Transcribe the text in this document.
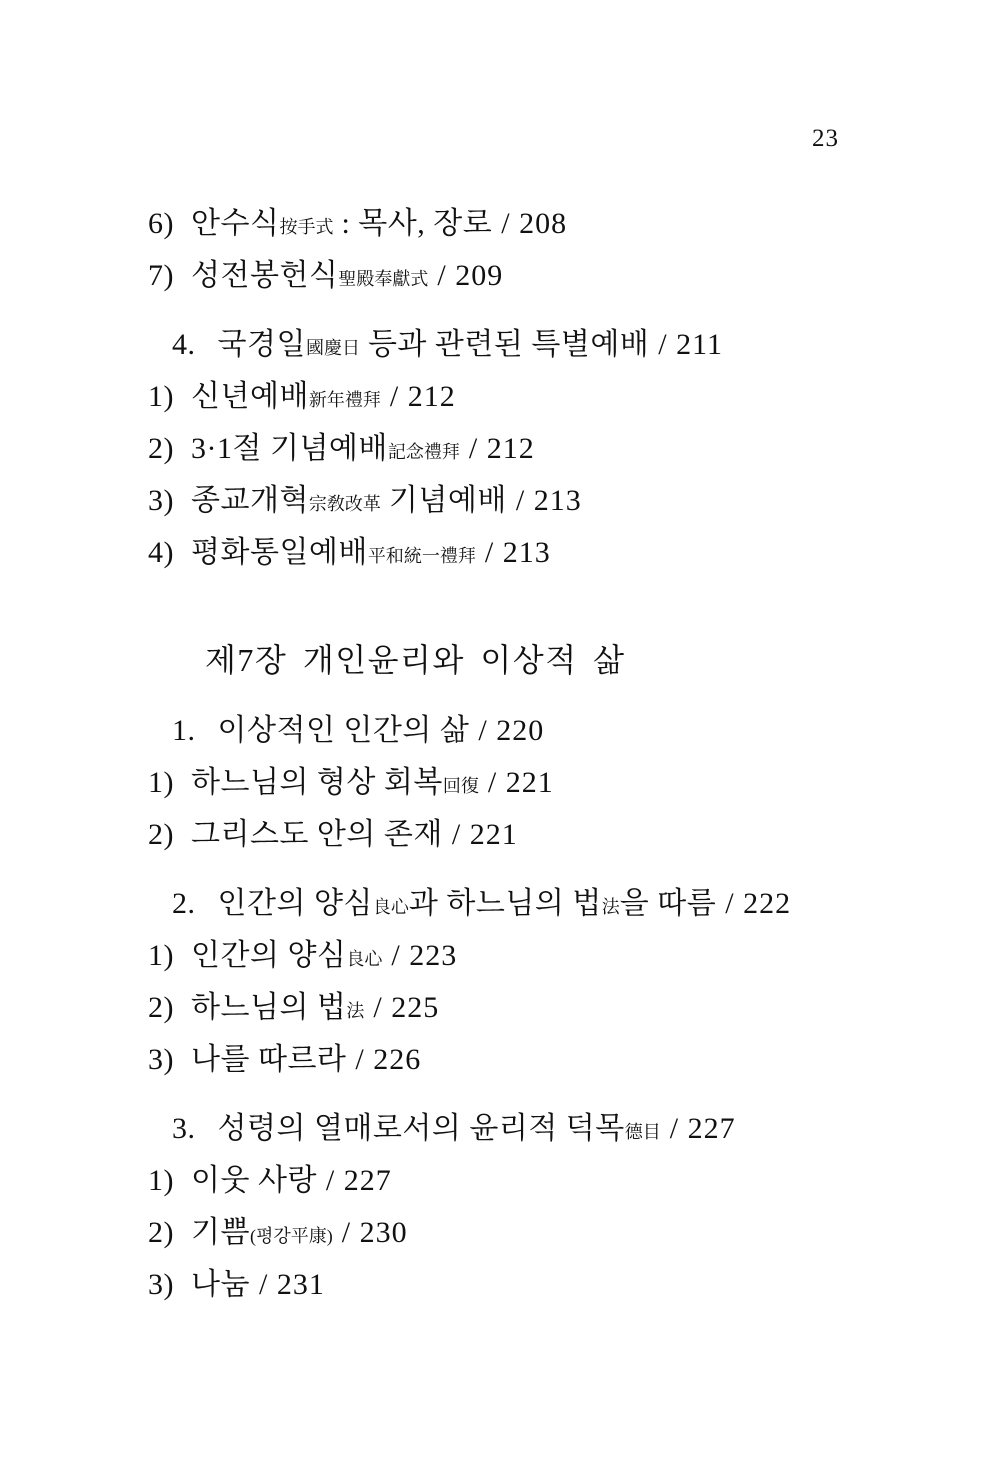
23
6) 안수식按手式 : 목사, 장로 / 208
7) 성전봉헌식聖殿奉獻式 / 209
4. 국경일國慶日 등과 관련된 특별예배 / 211
1) 신년예배新年禮拜 / 212
2) 3·1절 기념예배記念禮拜 / 212
3) 종교개혁宗敎改革 기념예배 / 213
4) 평화통일예배平和統一禮拜 / 213
제7장 개인윤리와 이상적 삶
1. 이상적인 인간의 삶 / 220
1) 하느님의 형상 회복回復 / 221
2) 그리스도 안의 존재 / 221
2. 인간의 양심良心과 하느님의 법法을 따름 / 222
1) 인간의 양심良心 / 223
2) 하느님의 법法 / 225
3) 나를 따르라 / 226
3. 성령의 열매로서의 윤리적 덕목德目 / 227
1) 이웃 사랑 / 227
2) 기쁨(평강平康) / 230
3) 나눔 / 231
